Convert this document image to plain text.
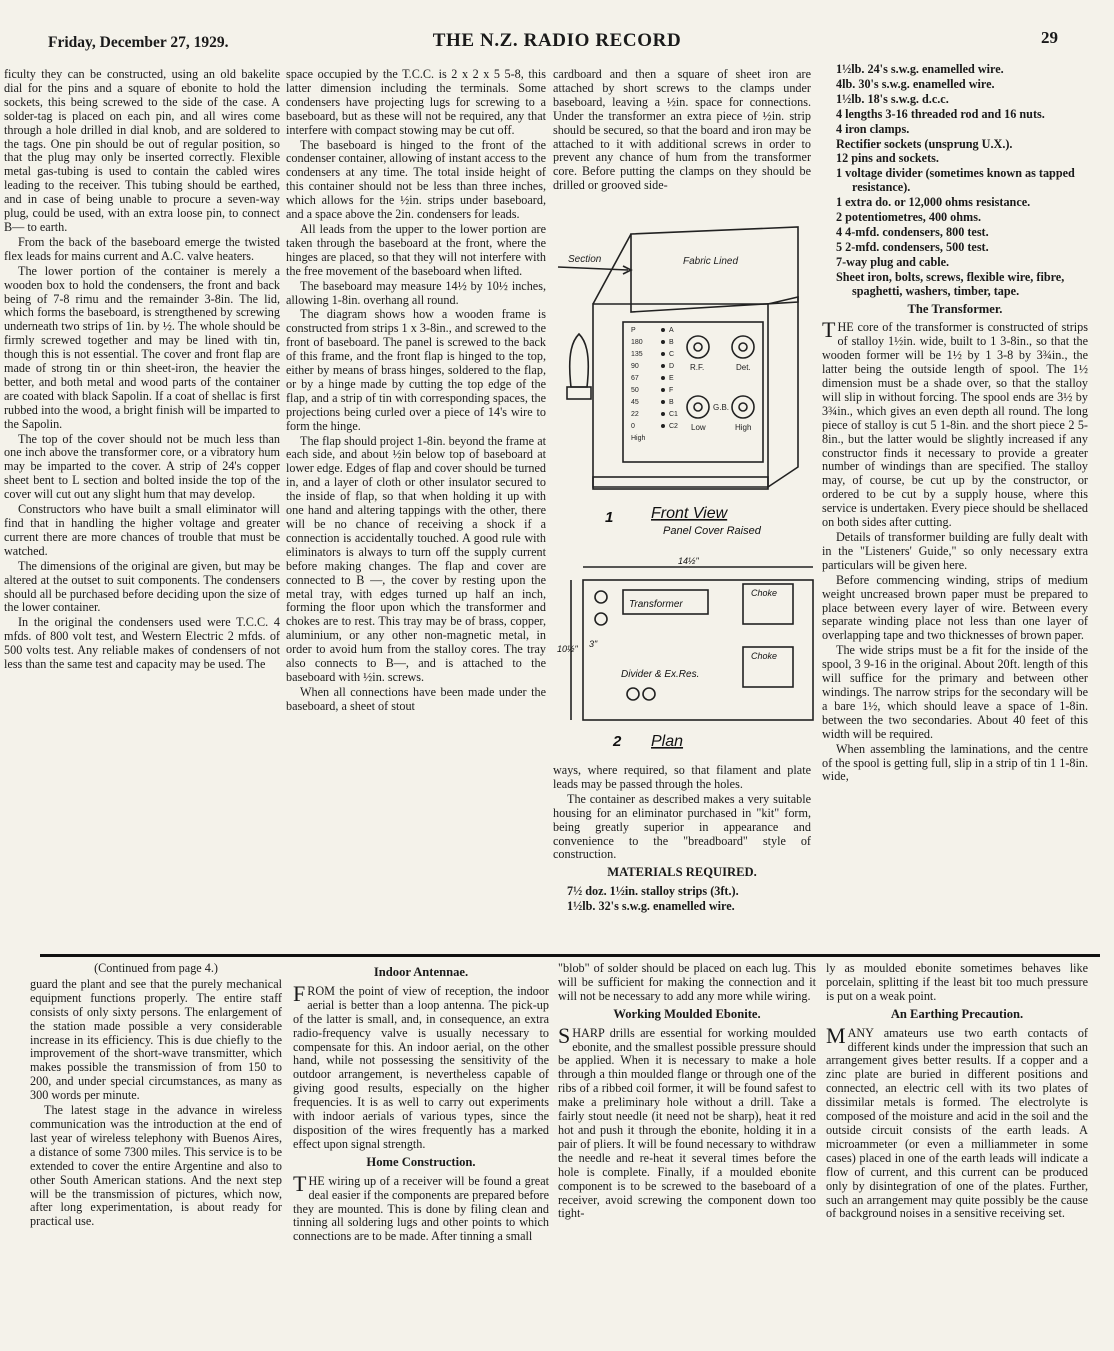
Friday, December 27, 1929.	THE N.Z. RADIO RECORD	29

ficulty they can be constructed, using an old bakelite dial for the pins and a square of ebonite to hold the sockets, this being screwed to the side of the case. A solder-tag is placed on each pin, and all wires come through a hole drilled in dial knob, and are soldered to the tags. One pin should be out of regular position, so that the plug may only be inserted correctly. Flexible metal gas-tubing is used to contain the cabled wires leading to the receiver. This tubing should be earthed, and in case of being unable to procure a seven-way plug, could be used, with an extra loose pin, to connect B— to earth.

From the back of the baseboard emerge the twisted flex leads for mains current and A.C. valve heaters.

The lower portion of the container is merely a wooden box to hold the condensers, the front and back being of 7-8 rimu and the remainder 3-8in. The lid, which forms the baseboard, is strengthened by screwing underneath two strips of 1in. by ½. The whole should be firmly screwed together and may be lined with tin, though this is not essential. The cover and front flap are made of strong tin or thin sheet-iron, the heavier the better, and both metal and wood parts of the container are coated with black Sapolin. If a coat of shellac is first rubbed into the wood, a bright finish will be imparted to the Sapolin.

The top of the cover should not be much less than one inch above the transformer core, or a vibratory hum may be imparted to the cover. A strip of 24's copper sheet bent to L section and bolted inside the top of the cover will cut out any slight hum that may develop.

Constructors who have built a small eliminator will find that in handling the higher voltage and greater current there are more chances of trouble that must be watched.

The dimensions of the original are given, but may be altered at the outset to suit components. The condensers should all be purchased before deciding upon the size of the lower container.

In the original the condensers used were T.C.C. 4 mfds. of 800 volt test, and Western Electric 2 mfds. of 500 volts test. Any reliable makes of condensers of not less than the same test and capacity may be used. The

space occupied by the T.C.C. is 2 x 2 x 5 5-8, this latter dimension including the terminals. Some condensers have projecting lugs for screwing to a baseboard, but as these will not be required, any that interfere with compact stowing may be cut off.

The baseboard is hinged to the front of the condenser container, allowing of instant access to the condensers at any time. The total inside height of this container should not be less than three inches, which allows for the ½in. strips under baseboard, and a space above the 2in. condensers for leads.

All leads from the upper to the lower portion are taken through the baseboard at the front, where the hinges are placed, so that they will not interfere with the free movement of the baseboard when lifted.

The baseboard may measure 14½ by 10½ inches, allowing 1-8in. overhang all round.

The diagram shows how a wooden frame is constructed from strips 1 x 3-8in., and screwed to the front of baseboard. The panel is screwed to the back of this frame, and the front flap is hinged to the top, either by means of brass hinges, soldered to the flap, or by a hinge made by cutting the top edge of the flap, and a strip of tin with corresponding spaces, the projections being curled over a piece of 14's wire to form the hinge.

The flap should project 1-8in. beyond the frame at each side, and about ½in below top of baseboard at lower edge. Edges of flap and cover should be turned in, and a layer of cloth or other insulator secured to the inside of flap, so that when holding it up with one hand and altering tappings with the other, there will be no chance of receiving a shock if a connection is accidentally touched. A good rule with eliminators is always to turn off the supply current before making changes. The flap and cover are connected to B —, the cover by resting upon the metal tray, with edges turned up half an inch, forming the floor upon which the transformer and chokes are to rest. This tray may be of brass, copper, aluminium, or any other non-magnetic metal, in order to avoid hum from the stalloy cores. The tray also connects to B—, and is attached to the baseboard with ½in. screws.

When all connections have been made under the baseboard, a sheet of stout

cardboard and then a square of sheet iron are attached by short screws to the clamps under baseboard, leaving a ½in. space for connections. Under the transformer an extra piece of ½in. strip should be secured, so that the board and iron may be attached to it with additional screws in order to prevent any chance of hum from the transformer core. Before putting the clamps on they should be drilled or grooved side-

Section	Fabric Lined
P
180
135
90
67
50
45
22
0
High
A
B
C
D
E
F
B
C1
C2
R.F.	Det.
G.B.
Low	High
1 Front View
Panel Cover Raised
14½"
10½" 3"
Transformer
Choke
Choke
Divider & Ex.Res.
2 Plan

ways, where required, so that filament and plate leads may be passed through the holes.

The container as described makes a very suitable housing for an eliminator purchased in "kit" form, being greatly superior in appearance and convenience to the "breadboard" style of construction.

MATERIALS REQUIRED.

7½ doz. 1½in. stalloy strips (3ft.).

1½lb. 32's s.w.g. enamelled wire.

1½lb. 24's s.w.g. enamelled wire.

4lb. 30's s.w.g. enamelled wire.

1½lb. 18's s.w.g. d.c.c.

4 lengths 3-16 threaded rod and 16 nuts.

4 iron clamps.

Rectifier sockets (unsprung U.X.).

12 pins and sockets.

1 voltage divider (sometimes known as tapped resistance).

1 extra do. or 12,000 ohms resistance.

2 potentiometres, 400 ohms.

4 4-mfd. condensers, 800 test.

5 2-mfd. condensers, 500 test.

7-way plug and cable.

Sheet iron, bolts, screws, flexible wire, fibre, spaghetti, washers, timber, tape.

The Transformer.

THE core of the transformer is constructed of strips of stalloy 1½in. wide, built to 1 3-8in., so that the wooden former will be 1½ by 1 3-8 by 3¾in., the latter being the outside length of spool. The 1½ dimension must be a shade over, so that the stalloy will slip in without forcing. The spool ends are 3½ by 3¾in., which gives an even depth all round. The long piece of stalloy is cut 5 1-8in. and the short piece 2 5-8in., but the latter would be slightly increased if any constructor finds it necessary to provide a greater number of windings than are specified. The stalloy may, of course, be cut up by the constructor, or ordered to be cut by a supply house, where this service is undertaken. Every piece should be shellaced on both sides after cutting.

Details of transformer building are fully dealt with in the "Listeners' Guide," so only necessary extra particulars will be given here.

Before commencing winding, strips of medium weight uncreased brown paper must be prepared to place between every layer of wire. Between every separate winding place not less than one layer of overlapping tape and two thicknesses of brown paper.

The wide strips must be a fit for the inside of the spool, 3 9-16 in the original. About 20ft. length of this will suffice for the primary and between other windings. The narrow strips for the secondary will be a bare 1½, which should leave a space of 1-8in. between the two secondaries. About 40 feet of this width will be required.

When assembling the laminations, and the centre of the spool is getting full, slip in a strip of tin 1 1-8in. wide,

(Continued from page 4.)

guard the plant and see that the purely mechanical equipment functions properly. The entire staff consists of only sixty persons. The enlargement of the station made possible a very considerable increase in its efficiency. This is due chiefly to the improvement of the short-wave transmitter, which makes possible the transmission of from 150 to 200, and under special circumstances, as many as 300 words per minute.

The latest stage in the advance in wireless communication was the introduction at the end of last year of wireless telephony with Buenos Aires, a distance of some 7300 miles. This service is to be extended to cover the entire Argentine and also to other South American stations. And the next step will be the transmission of pictures, which now, after long experimentation, is about ready for practical use.

Indoor Antennae.

FROM the point of view of reception, the indoor aerial is better than a loop antenna. The pick-up of the latter is small, and, in consequence, an extra radio-frequency valve is usually necessary to compensate for this. An indoor aerial, on the other hand, while not possessing the sensitivity of the outdoor arrangement, is nevertheless capable of giving good results, especially on the higher frequencies. It is as well to carry out experiments with indoor aerials of various types, since the disposition of the wires frequently has a marked effect upon signal strength.

Home Construction.

THE wiring up of a receiver will be found a great deal easier if the components are prepared before they are mounted. This is done by filing clean and tinning all soldering lugs and other points to which connections are to be made. After tinning a small

"blob" of solder should be placed on each lug. This will be sufficient for making the connection and it will not be necessary to add any more while wiring.

Working Moulded Ebonite.

SHARP drills are essential for working moulded ebonite, and the smallest possible pressure should be applied. When it is necessary to make a hole through a thin moulded flange or through one of the ribs of a ribbed coil former, it will be found safest to make a preliminary hole without a drill. Take a fairly stout needle (it need not be sharp), heat it red hot and push it through the ebonite, holding it in a pair of pliers. It will be found necessary to withdraw the needle and re-heat it several times before the hole is complete. Finally, if a moulded ebonite component is to be screwed to the baseboard of a receiver, avoid screwing the component down too tight-

ly as moulded ebonite sometimes behaves like porcelain, splitting if the least bit too much pressure is put on a weak point.

An Earthing Precaution.

MANY amateurs use two earth contacts of different kinds under the impression that such an arrangement gives better results. If a copper and a zinc plate are buried in different positions and connected, an electric cell with its two plates of dissimilar metals is formed. The electrolyte is composed of the moisture and acid in the soil and the outside circuit consists of the earth leads. A microammeter (or even a milliammeter in some cases) placed in one of the earth leads will indicate a flow of current, and this current can be produced only by disintegration of one of the plates. Further, such an arrangement may quite possibly be the cause of background noises in a sensitive receiving set.
